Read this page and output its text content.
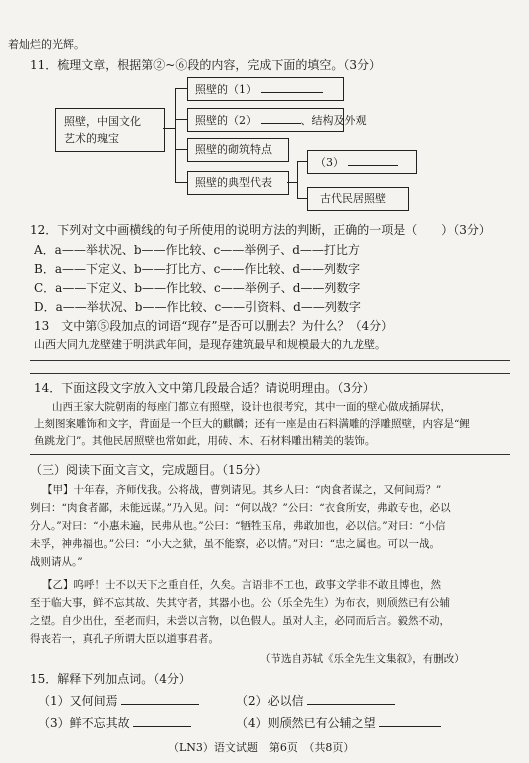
着灿烂的光辉。
11．梳理文章，根据第②~⑥段的内容，完成下面的填空。（3分）
照壁，中国文化
艺术的瑰宝
照壁的（1）
照壁的（2）	、结构及外观
照壁的砌筑特点
照壁的典型代表
（3）
古代民居照壁
12．下列对文中画横线的句子所使用的说明方法的判断，正确的一项是（　　）（3分）
A．a——举状况、b——作比较、c——举例子、d——打比方
B．a——下定义、b——打比方、c——作比较、d——列数字
C．a——下定义、b——作比较、c——举例子、d——列数字
D．a——举状况、b——作比较、c——引资料、d——列数字
13　文中第⑤段加点的词语“现存”是否可以删去？为什么？（4分）
山西大同九龙壁建于明洪武年间，是现存建筑最早和规模最大的九龙壁。
14．下面这段文字放入文中第几段最合适？请说明理由。（3分）
山西王家大院朝南的每座门都立有照壁，设计也很考究，其中一面的壁心做成插屏状，
上刻图案雕饰和文字，背面是一个巨大的麒麟；还有一座是由石料满雕的浮雕照壁，内容是“鲤
鱼跳龙门”。其他民居照壁也常如此，用砖、木、石材料雕出精美的装饰。
（三）阅读下面文言文，完成题目。（15分）
【甲】十年春，齐师伐我。公将战，曹刿请见。其乡人曰：“肉食者谋之，又何间焉？”
刿曰：“肉食者鄙，未能远谋。”乃入见。问：“何以战？”公曰：“衣食所安，弗敢专也，必以
分人。”对曰：“小惠未遍，民弗从也。”公曰：“牺牲玉帛，弗敢加也，必以信。”对曰：“小信
未孚，神弗福也。”公曰：“小大之狱，虽不能察，必以情。”对曰：“忠之属也。可以一战。
战则请从。”
【乙】呜呼！士不以天下之重自任，久矣。言语非不工也，政事文学非不敢且博也，然
至于临大事，鲜不忘其故、失其守者，其器小也。公（乐全先生）为布衣，则颀然已有公辅
之望。自少出仕，至老而归，未尝以言物，以色假人。虽对人主，必同而后言。毅然不动，
得丧若一，真孔子所谓大臣以道事君者。
（节选自苏轼《乐全先生文集叙》，有删改）
15．解释下列加点词。（4分）
（1）又何间焉	（2）必以信
（3）鲜不忘其故	（4）则颀然已有公辅之望
（LN3）语文试题　第6页　（共8页）
